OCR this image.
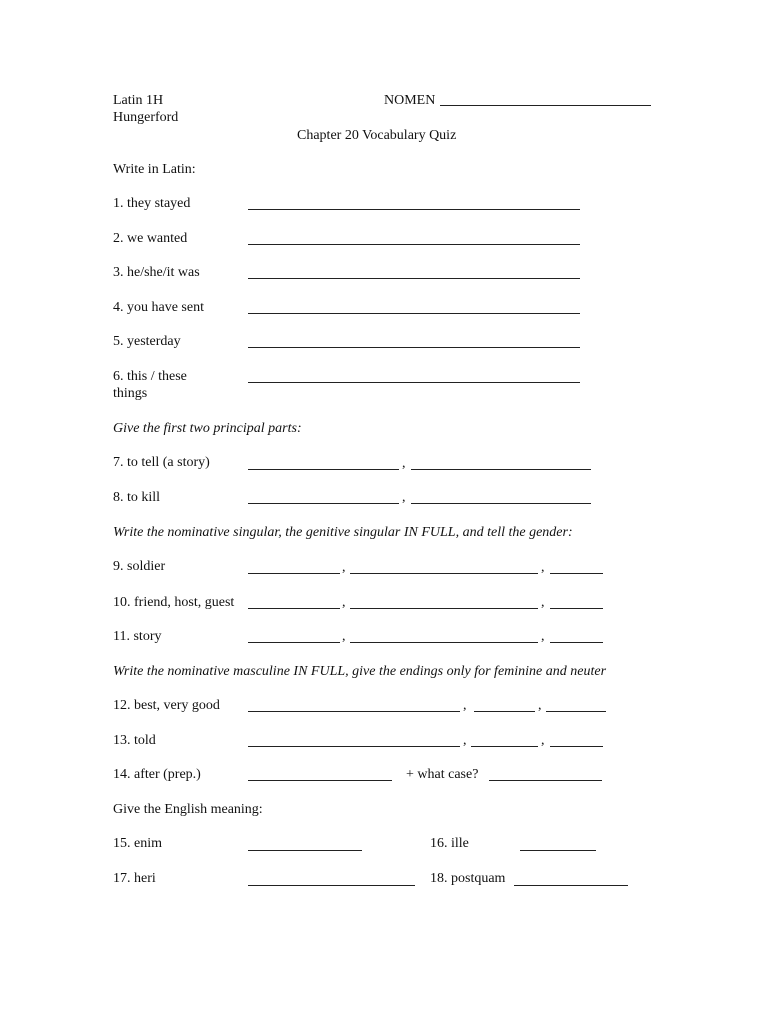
Latin 1H
Hungerford
NOMEN
Chapter 20 Vocabulary Quiz
Write in Latin:
1. they stayed
2. we wanted
3. he/she/it was
4. you have sent
5. yesterday
6. this / these
things
Give the first two principal parts:
7. to tell (a story)	,
8. to kill	,
Write the nominative singular, the genitive singular IN FULL, and tell the gender:
9. soldier	,	,
10. friend, host, guest	,	,
11. story	,	,
Write the nominative masculine IN FULL, give the endings only for feminine and neuter
12. best, very good	,	,
13. told	,	,
14. after (prep.)	+ what case?
Give the English meaning:
15. enim	16. ille
17. heri	18. postquam
